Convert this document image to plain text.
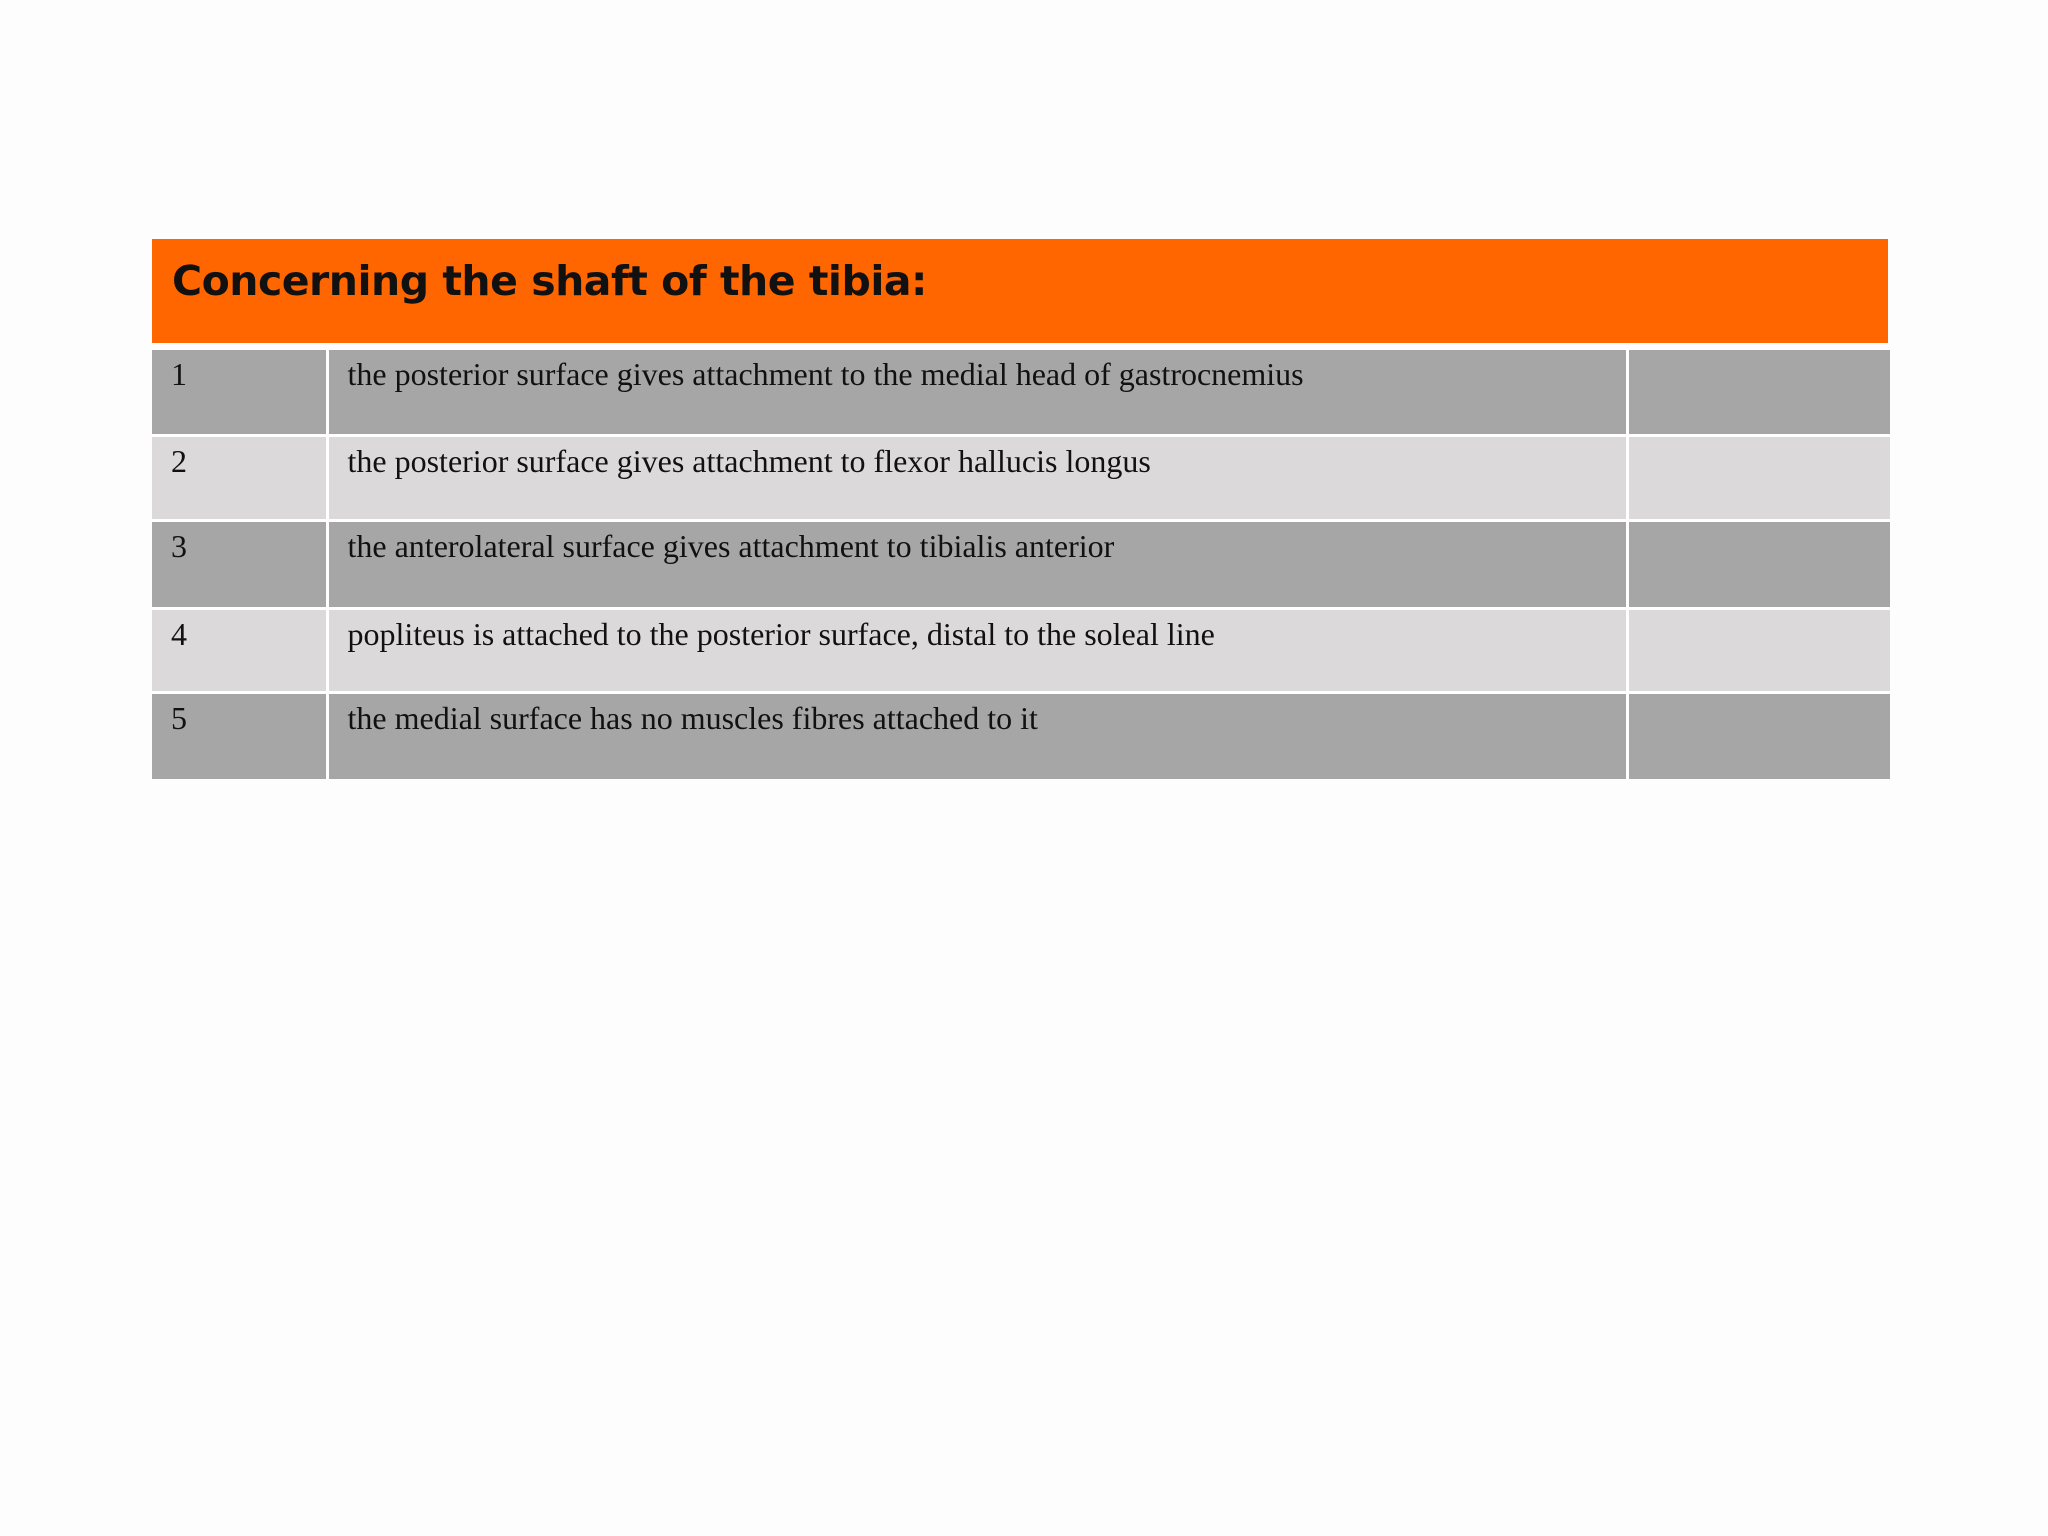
Concerning the shaft of the tibia:
1	the posterior surface gives attachment to the medial head of gastrocnemius	
2	the posterior surface gives attachment to flexor hallucis longus	
3	the anterolateral surface gives attachment to tibialis anterior	
4	popliteus is attached to the posterior surface, distal to the soleal line	
5	the medial surface has no muscles fibres attached to it	
